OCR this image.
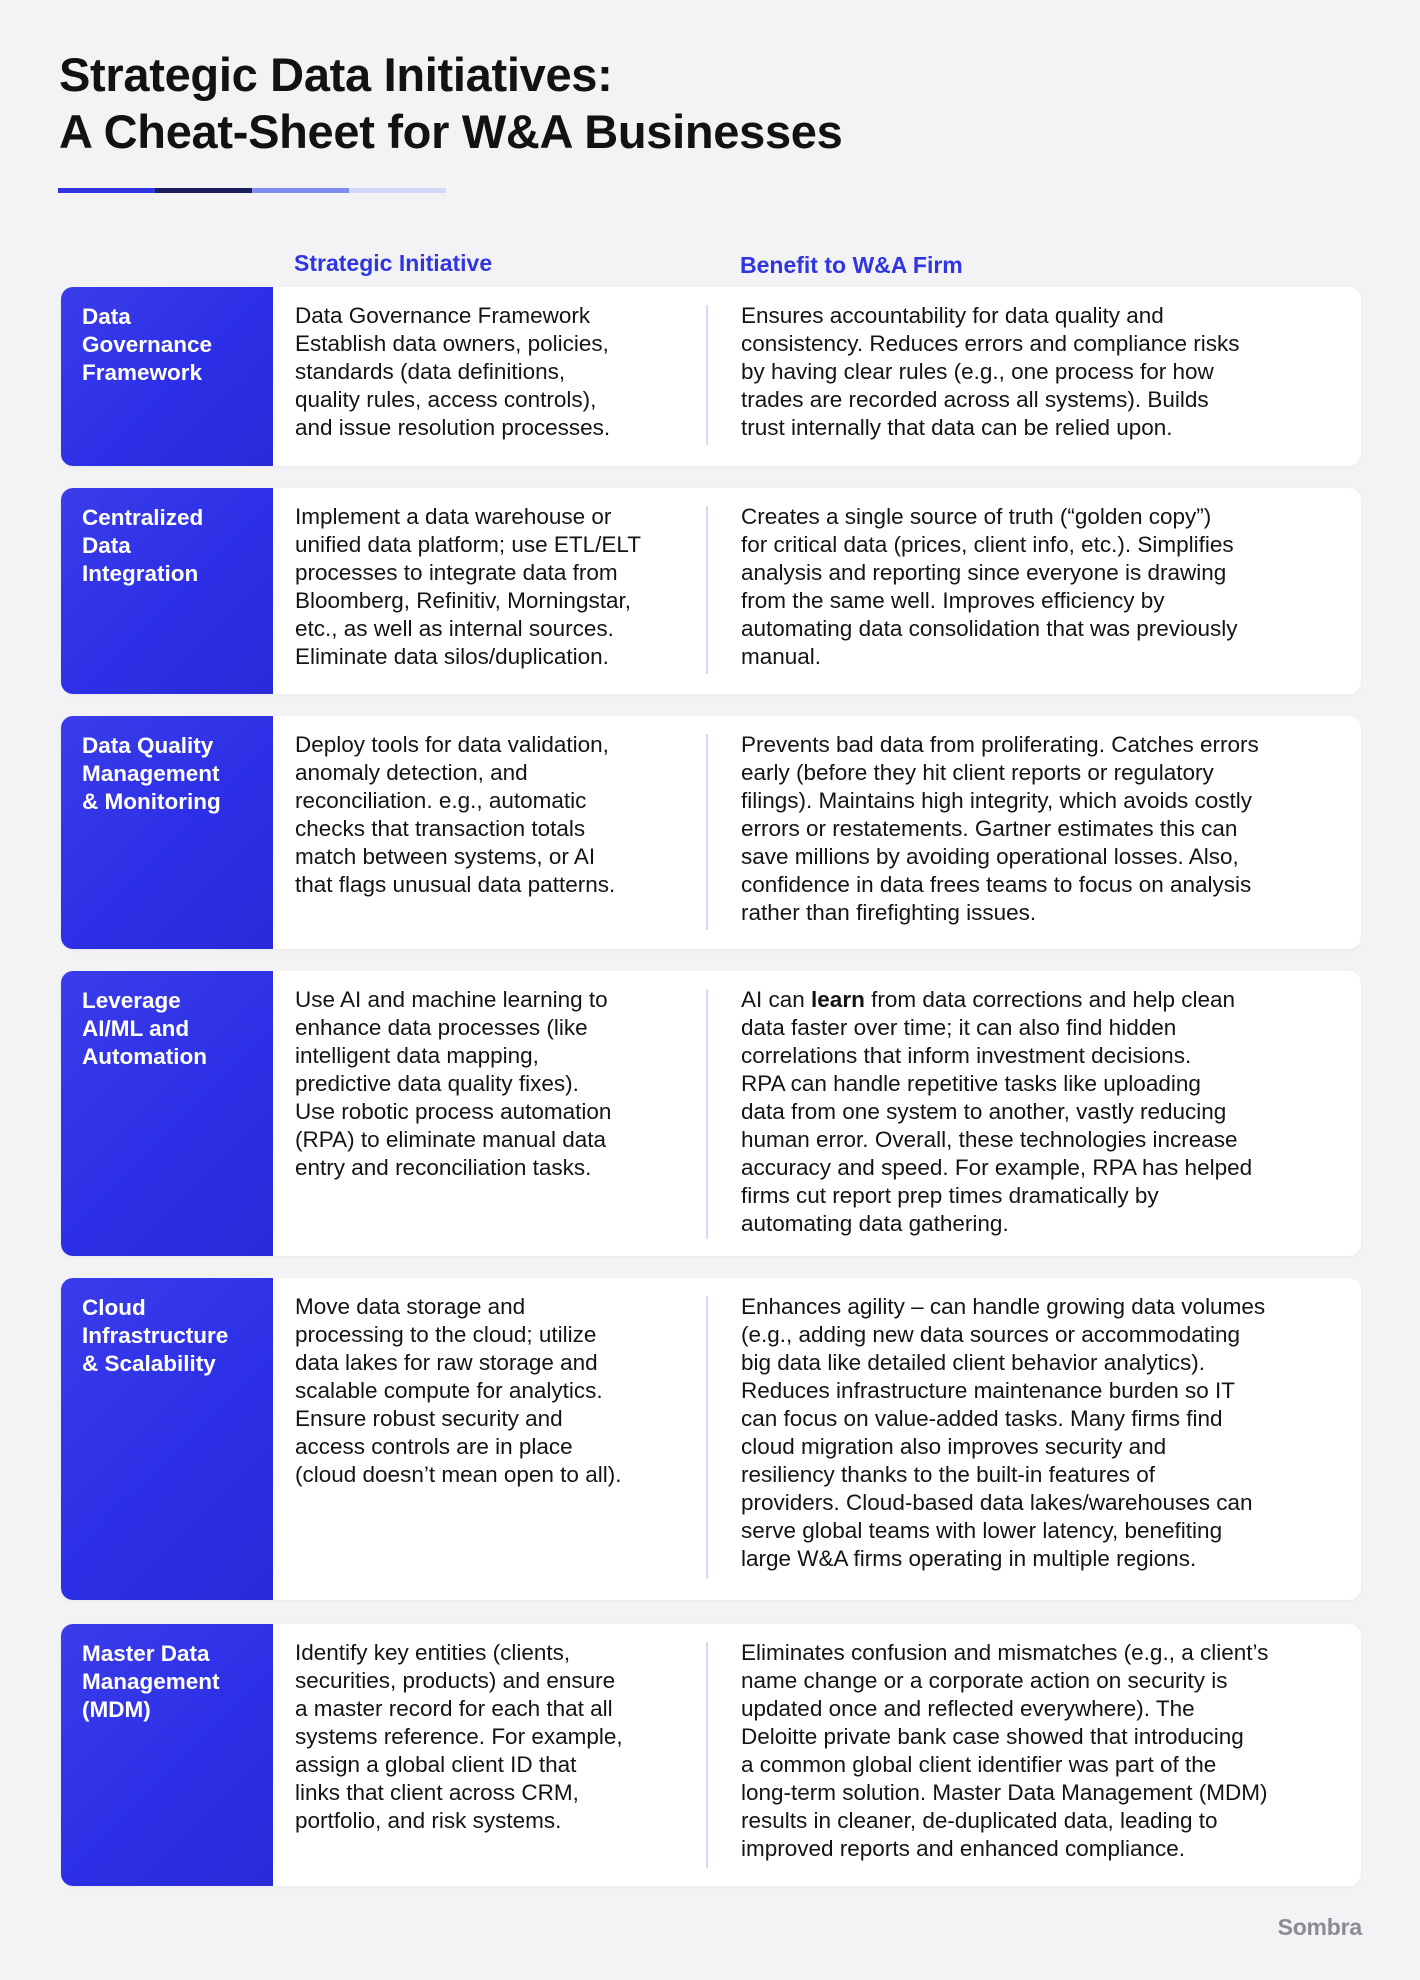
Strategic Data Initiatives:
A Cheat-Sheet for W&A Businesses
Strategic Initiative	Benefit to W&A Firm
Data
Governance
Framework
Data Governance Framework
Establish data owners, policies,
standards (data definitions,
quality rules, access controls),
and issue resolution processes.
Ensures accountability for data quality and
consistency. Reduces errors and compliance risks
by having clear rules (e.g., one process for how
trades are recorded across all systems). Builds
trust internally that data can be relied upon.
Centralized
Data
Integration
Implement a data warehouse or
unified data platform; use ETL/ELT
processes to integrate data from
Bloomberg, Refinitiv, Morningstar,
etc., as well as internal sources.
Eliminate data silos/duplication.
Creates a single source of truth (“golden copy”)
for critical data (prices, client info, etc.). Simplifies
analysis and reporting since everyone is drawing
from the same well. Improves efficiency by
automating data consolidation that was previously
manual.
Data Quality
Management
& Monitoring
Deploy tools for data validation,
anomaly detection, and
reconciliation. e.g., automatic
checks that transaction totals
match between systems, or AI
that flags unusual data patterns.
Prevents bad data from proliferating. Catches errors
early (before they hit client reports or regulatory
filings). Maintains high integrity, which avoids costly
errors or restatements. Gartner estimates this can
save millions by avoiding operational losses. Also,
confidence in data frees teams to focus on analysis
rather than firefighting issues.
Leverage
AI/ML and
Automation
Use AI and machine learning to
enhance data processes (like
intelligent data mapping,
predictive data quality fixes).
Use robotic process automation
(RPA) to eliminate manual data
entry and reconciliation tasks.
AI can learn from data corrections and help clean
data faster over time; it can also find hidden
correlations that inform investment decisions.
RPA can handle repetitive tasks like uploading
data from one system to another, vastly reducing
human error. Overall, these technologies increase
accuracy and speed. For example, RPA has helped
firms cut report prep times dramatically by
automating data gathering.
Cloud
Infrastructure
& Scalability
Move data storage and
processing to the cloud; utilize
data lakes for raw storage and
scalable compute for analytics.
Ensure robust security and
access controls are in place
(cloud doesn’t mean open to all).
Enhances agility – can handle growing data volumes
(e.g., adding new data sources or accommodating
big data like detailed client behavior analytics).
Reduces infrastructure maintenance burden so IT
can focus on value-added tasks. Many firms find
cloud migration also improves security and
resiliency thanks to the built-in features of
providers. Cloud-based data lakes/warehouses can
serve global teams with lower latency, benefiting
large W&A firms operating in multiple regions.
Master Data
Management
(MDM)
Identify key entities (clients,
securities, products) and ensure
a master record for each that all
systems reference. For example,
assign a global client ID that
links that client across CRM,
portfolio, and risk systems.
Eliminates confusion and mismatches (e.g., a client’s
name change or a corporate action on security is
updated once and reflected everywhere). The
Deloitte private bank case showed that introducing
a common global client identifier was part of the
long-term solution. Master Data Management (MDM)
results in cleaner, de-duplicated data, leading to
improved reports and enhanced compliance.
Sombra
